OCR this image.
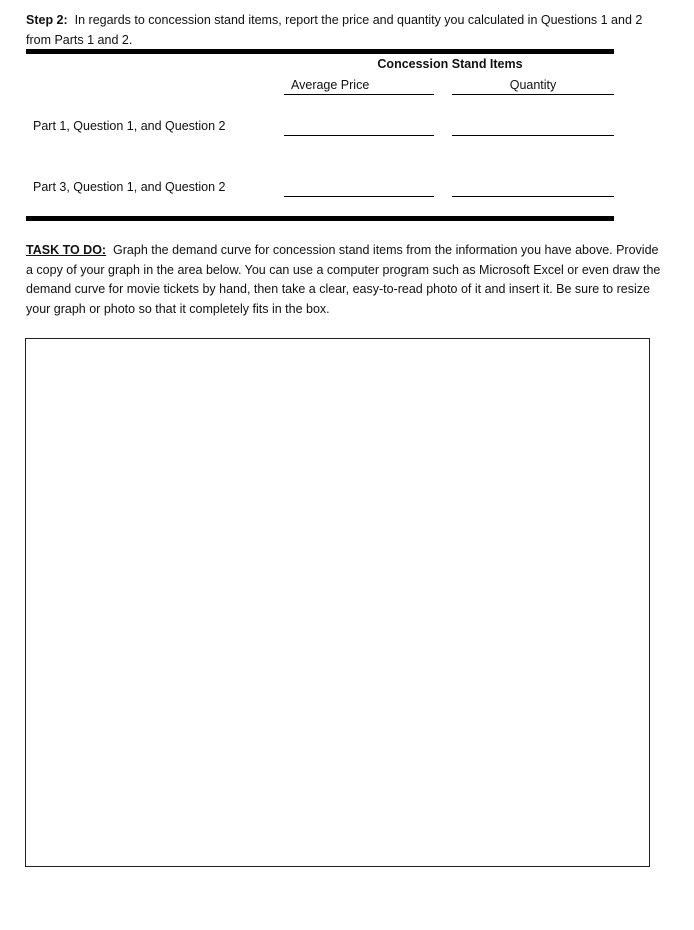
Step 2: In regards to concession stand items, report the price and quantity you calculated in Questions 1 and 2 from Parts 1 and 2.
Concession Stand Items
Average Price	Quantity
Part 1, Question 1, and Question 2
Part 3, Question 1, and Question 2
TASK TO DO: Graph the demand curve for concession stand items from the information you have above. Provide a copy of your graph in the area below. You can use a computer program such as Microsoft Excel or even draw the demand curve for movie tickets by hand, then take a clear, easy-to-read photo of it and insert it. Be sure to resize your graph or photo so that it completely fits in the box.
